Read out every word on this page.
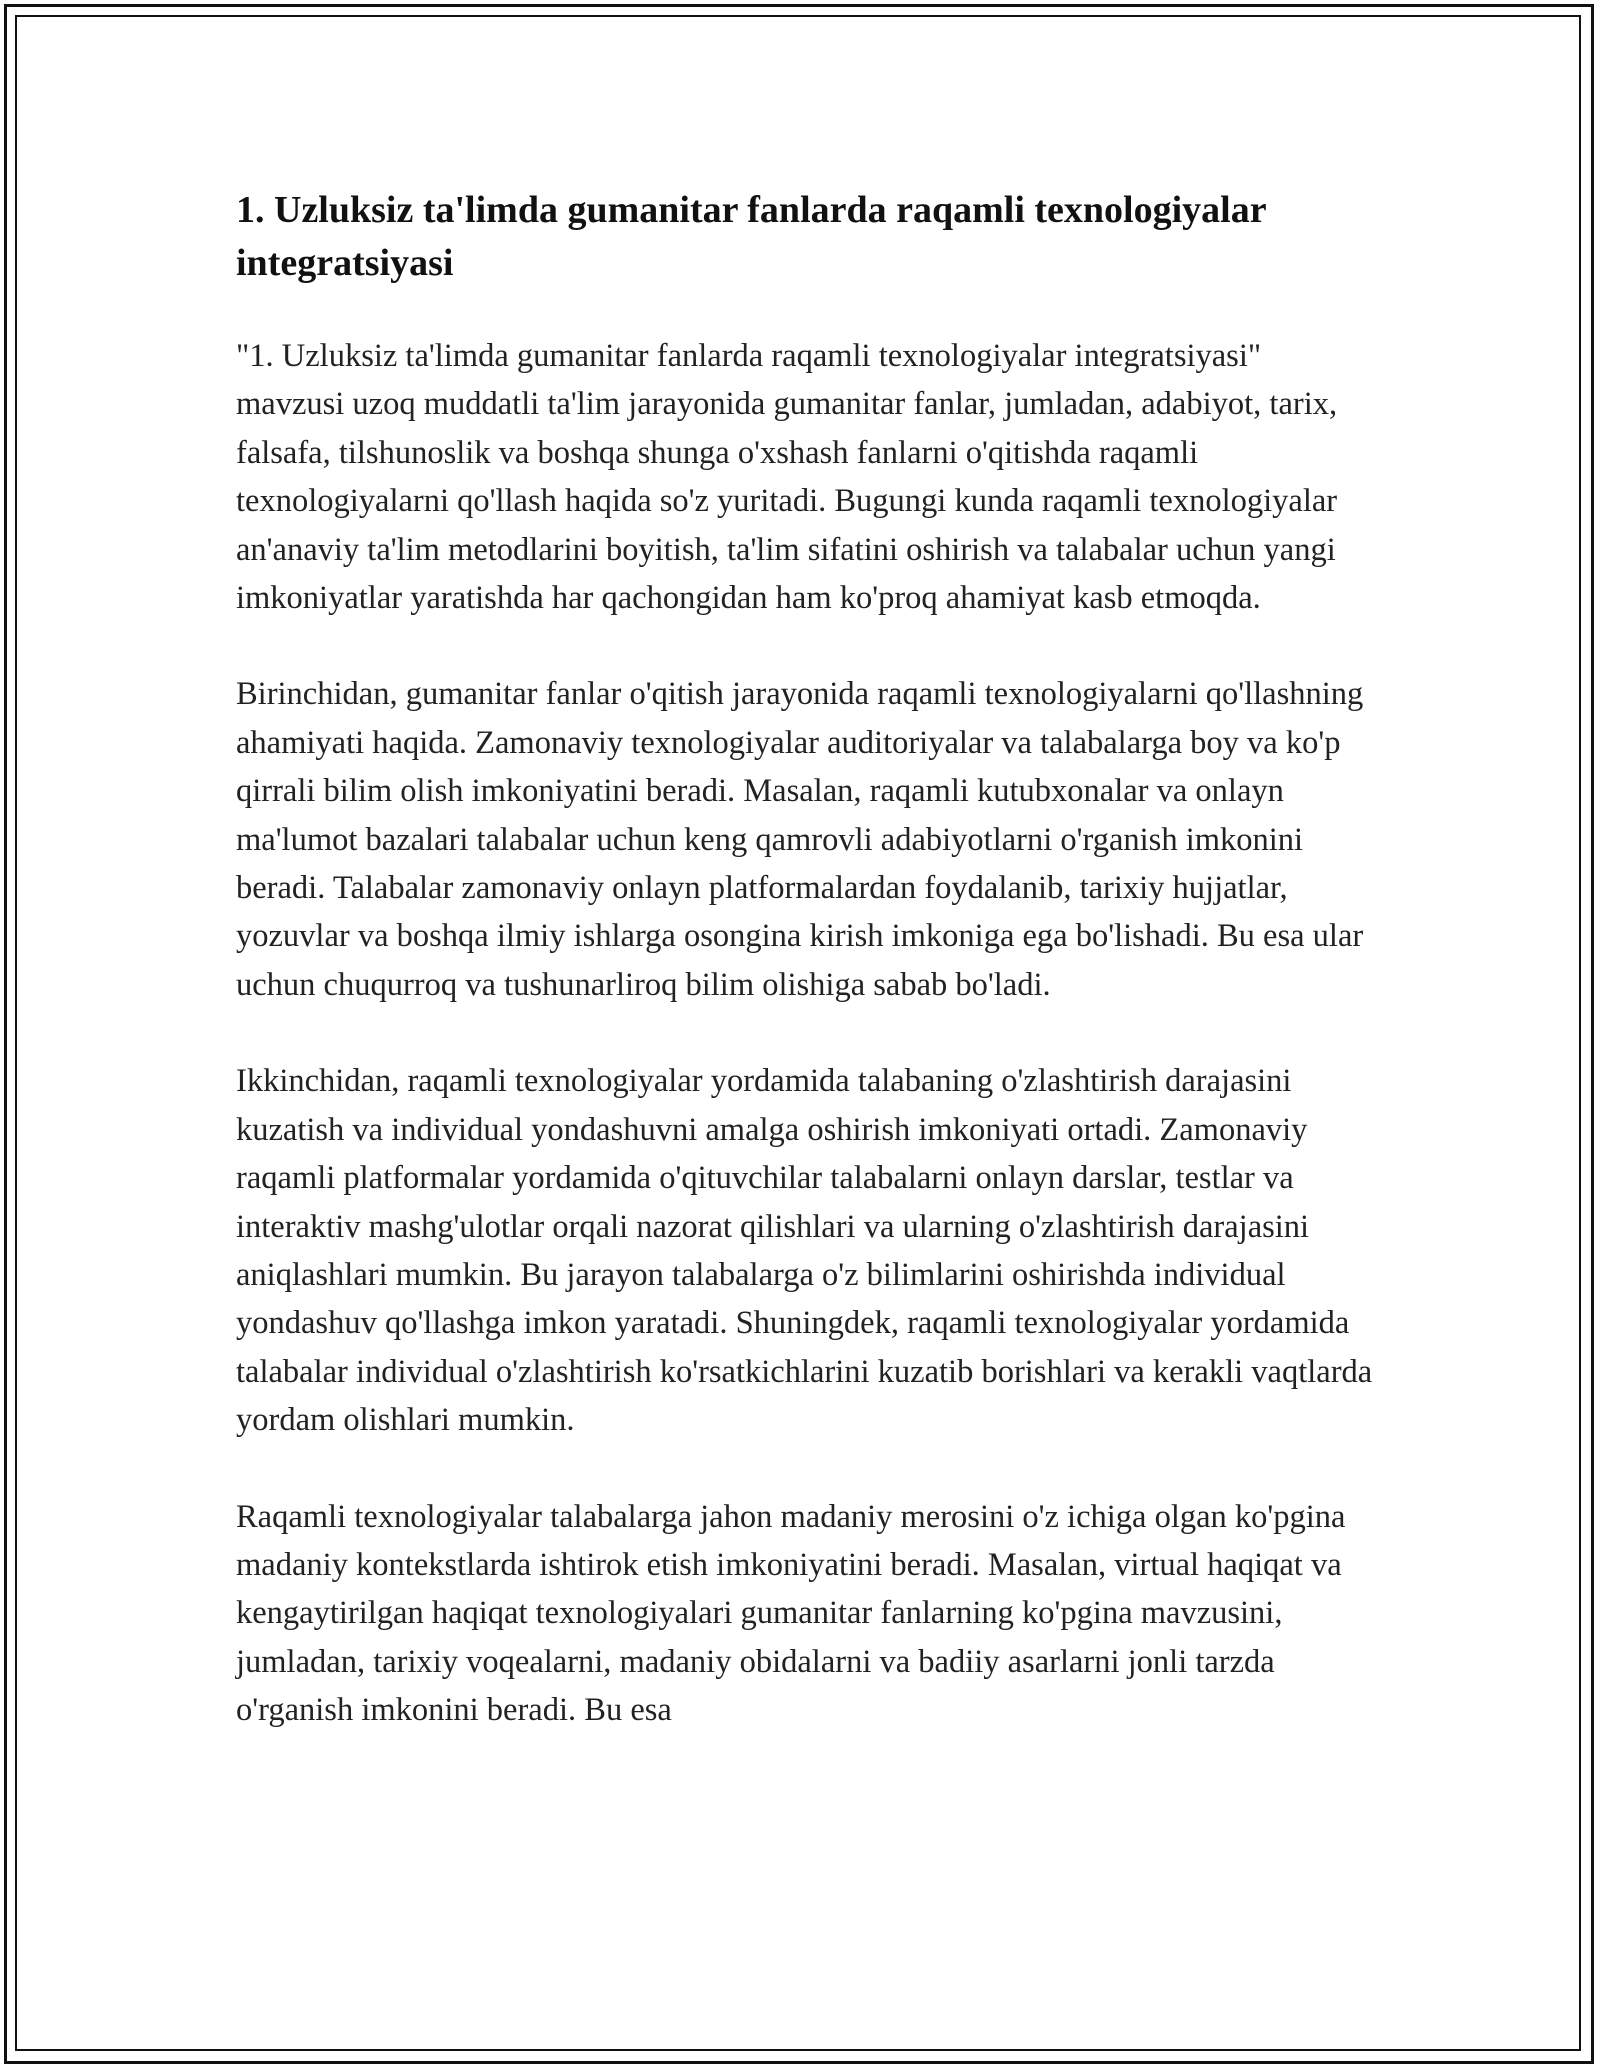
1. Uzluksiz ta'limda gumanitar fanlarda raqamli texnologiyalar integratsiyasi

"1. Uzluksiz ta'limda gumanitar fanlarda raqamli texnologiyalar integratsiyasi" mavzusi uzoq muddatli ta'lim jarayonida gumanitar fanlar, jumladan, adabiyot, tarix, falsafa, tilshunoslik va boshqa shunga o'xshash fanlarni o'qitishda raqamli texnologiyalarni qo'llash haqida so'z yuritadi. Bugungi kunda raqamli texnologiyalar an'anaviy ta'lim metodlarini boyitish, ta'lim sifatini oshirish va talabalar uchun yangi imkoniyatlar yaratishda har qachongidan ham ko'proq ahamiyat kasb etmoqda.

Birinchidan, gumanitar fanlar o'qitish jarayonida raqamli texnologiyalarni qo'llashning ahamiyati haqida. Zamonaviy texnologiyalar auditoriyalar va talabalarga boy va ko'p qirrali bilim olish imkoniyatini beradi. Masalan, raqamli kutubxonalar va onlayn ma'lumot bazalari talabalar uchun keng qamrovli adabiyotlarni o'rganish imkonini beradi. Talabalar zamonaviy onlayn platformalardan foydalanib, tarixiy hujjatlar, yozuvlar va boshqa ilmiy ishlarga osongina kirish imkoniga ega bo'lishadi. Bu esa ular uchun chuqurroq va tushunarliroq bilim olishiga sabab bo'ladi.

Ikkinchidan, raqamli texnologiyalar yordamida talabaning o'zlashtirish darajasini kuzatish va individual yondashuvni amalga oshirish imkoniyati ortadi. Zamonaviy raqamli platformalar yordamida o'qituvchilar talabalarni onlayn darslar, testlar va interaktiv mashg'ulotlar orqali nazorat qilishlari va ularning o'zlashtirish darajasini aniqlashlari mumkin. Bu jarayon talabalarga o'z bilimlarini oshirishda individual yondashuv qo'llashga imkon yaratadi. Shuningdek, raqamli texnologiyalar yordamida talabalar individual o'zlashtirish ko'rsatkichlarini kuzatib borishlari va kerakli vaqtlarda yordam olishlari mumkin.

Raqamli texnologiyalar talabalarga jahon madaniy merosini o'z ichiga olgan ko'pgina madaniy kontekstlarda ishtirok etish imkoniyatini beradi. Masalan, virtual haqiqat va kengaytirilgan haqiqat texnologiyalari gumanitar fanlarning ko'pgina mavzusini, jumladan, tarixiy voqealarni, madaniy obidalarni va badiiy asarlarni jonli tarzda o'rganish imkonini beradi. Bu esa
